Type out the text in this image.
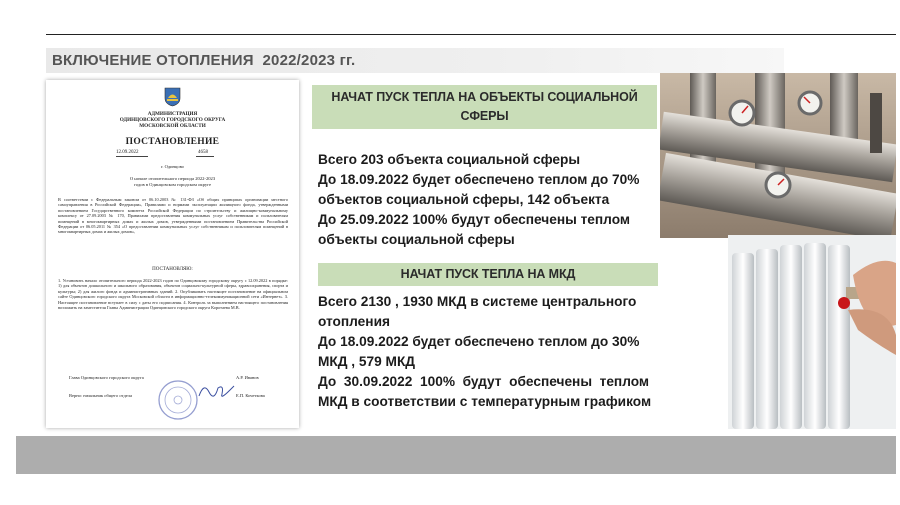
ВКЛЮЧЕНИЕ ОТОПЛЕНИЯ 2022/2023 гг.
АДМИНИСТРАЦИЯ
ОДИНЦОВСКОГО ГОРОДСКОГО ОКРУГА
МОСКОВСКОЙ ОБЛАСТИ
ПОСТАНОВЛЕНИЕ
12.09.2022	4658
г. Одинцово
О начале отопительного периода 2022-2023
годов в Одинцовском городском округе
В соответствии с Федеральным законом от 06.10.2003 № 131-ФЗ «Об общих принципах организации местного самоуправления в Российской Федерации», Правилами и нормами эксплуатации жилищного фонда, утвержденными постановлением Государственного комитета Российской Федерации по строительству и жилищно-коммунальному комплексу от 27.09.2003 № 170, Правилами предоставления коммунальных услуг собственникам и пользователям помещений в многоквартирных домах и жилых домов, утвержденными постановлением Правительства Российской Федерации от 06.05.2011 № 354 «О предоставлении коммунальных услуг собственникам и пользователям помещений в многоквартирных домах и жилых домов»,
ПОСТАНОВЛЯЮ:
1. Установить начало отопительного периода 2022-2023 годов по Одинцовскому городскому округу с 12.09.2022 в порядке: 1) для объектов дошкольного и школьного образования, объектов социально-культурной сферы, здравоохранения, спорта и культуры; 2) для жилого фонда и административных зданий. 2. Опубликовать настоящее постановление на официальном сайте Одинцовского городского округа Московской области в информационно-телекоммуникационной сети «Интернет». 3. Настоящее постановление вступает в силу с даты его подписания. 4. Контроль за выполнением настоящего постановления возложить на заместителя Главы Администрации Одинцовского городского округа Коротаева М.В.
Глава Одинцовского городского округа	А.Р. Иванов
Верно: начальник общего отдела	Е.П. Кочеткова
НАЧАТ ПУСК ТЕПЛА НА ОБЪЕКТЫ СОЦИАЛЬНОЙ СФЕРЫ
Всего 203 объекта социальной сферы
До 18.09.2022 будет обеспечено теплом до 70%
объектов социальной сферы, 142 объекта
До 25.09.2022 100% будут обеспечены теплом
объекты социальной сферы
НАЧАТ ПУСК ТЕПЛА НА МКД
Всего 2130 , 1930 МКД в системе центрального
отопления
До 18.09.2022 будет обеспечено теплом до 30%
МКД , 579 МКД
До  30.09.2022  100%  будут  обеспечены  теплом
МКД в соответствии с температурным графиком
